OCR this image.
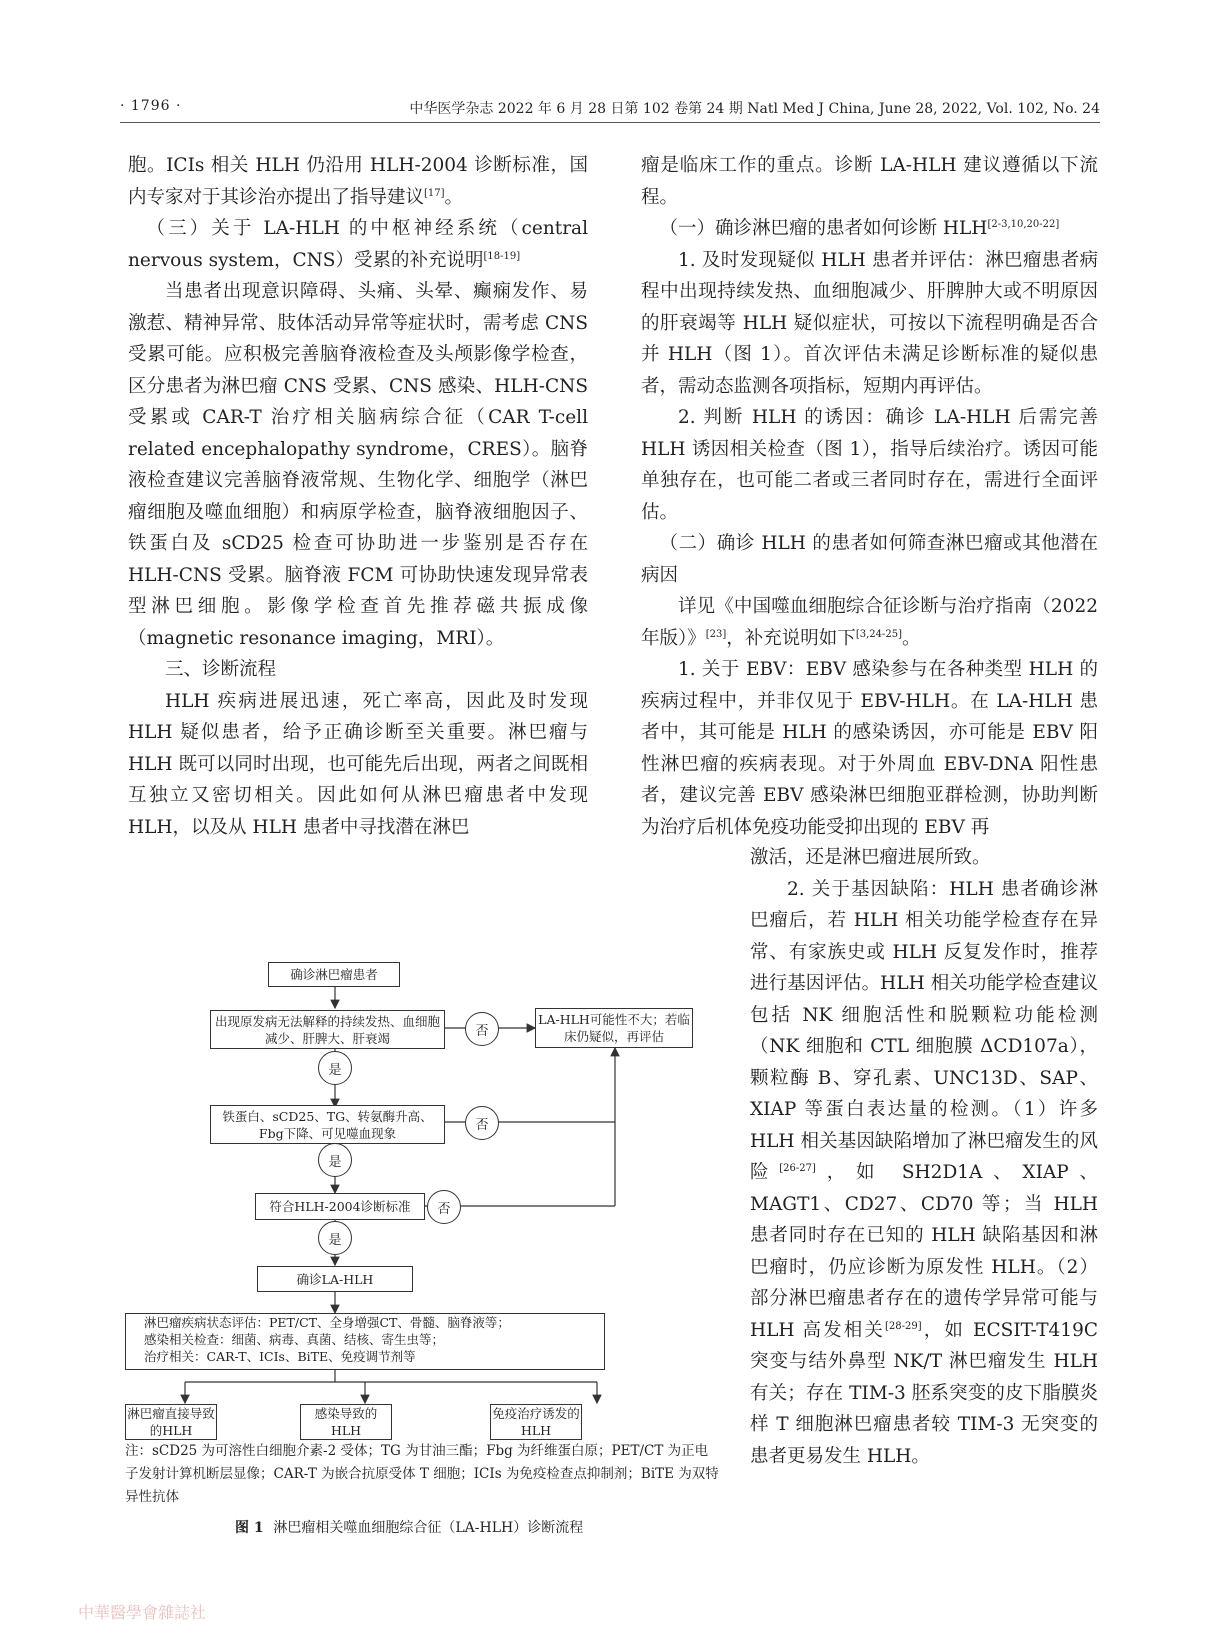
· 1796 ·	中华医学杂志 2022 年 6 月 28 日第 102 卷第 24 期 Natl Med J China, June 28, 2022, Vol. 102, No. 24

胞。ICIs 相关 HLH 仍沿用 HLH-2004 诊断标准，国内专家对于其诊治亦提出了指导建议[17]。

（三）关于 LA-HLH 的中枢神经系统（central nervous system，CNS）受累的补充说明[18-19]

当患者出现意识障碍、头痛、头晕、癫痫发作、易激惹、精神异常、肢体活动异常等症状时，需考虑 CNS 受累可能。应积极完善脑脊液检查及头颅影像学检查，区分患者为淋巴瘤 CNS 受累、CNS 感染、HLH-CNS 受累或 CAR-T 治疗相关脑病综合征（CAR T-cell related encephalopathy syndrome，CRES）。脑脊液检查建议完善脑脊液常规、生物化学、细胞学（淋巴瘤细胞及噬血细胞）和病原学检查，脑脊液细胞因子、铁蛋白及 sCD25 检查可协助进一步鉴别是否存在 HLH-CNS 受累。脑脊液 FCM 可协助快速发现异常表型淋巴细胞。影像学检查首先推荐磁共振成像（magnetic resonance imaging，MRI）。

三、诊断流程

HLH 疾病进展迅速，死亡率高，因此及时发现 HLH 疑似患者，给予正确诊断至关重要。淋巴瘤与 HLH 既可以同时出现，也可能先后出现，两者之间既相互独立又密切相关。因此如何从淋巴瘤患者中发现 HLH，以及从 HLH 患者中寻找潜在淋巴

瘤是临床工作的重点。诊断 LA-HLH 建议遵循以下流程。

（一）确诊淋巴瘤的患者如何诊断 HLH[2-3,10,20-22]

1. 及时发现疑似 HLH 患者并评估：淋巴瘤患者病程中出现持续发热、血细胞减少、肝脾肿大或不明原因的肝衰竭等 HLH 疑似症状，可按以下流程明确是否合并 HLH（图 1）。首次评估未满足诊断标准的疑似患者，需动态监测各项指标，短期内再评估。

2. 判断 HLH 的诱因：确诊 LA-HLH 后需完善 HLH 诱因相关检查（图 1），指导后续治疗。诱因可能单独存在，也可能二者或三者同时存在，需进行全面评估。

（二）确诊 HLH 的患者如何筛查淋巴瘤或其他潜在病因

详见《中国噬血细胞综合征诊断与治疗指南（2022 年版）》[23]，补充说明如下[3,24-25]。

1. 关于 EBV：EBV 感染参与在各种类型 HLH 的疾病过程中，并非仅见于 EBV-HLH。在 LA-HLH 患者中，其可能是 HLH 的感染诱因，亦可能是 EBV 阳性淋巴瘤的疾病表现。对于外周血 EBV-DNA 阳性患者，建议完善 EBV 感染淋巴细胞亚群检测，协助判断为治疗后机体免疫功能受抑出现的 EBV 再

激活，还是淋巴瘤进展所致。

2. 关于基因缺陷：HLH 患者确诊淋巴瘤后，若 HLH 相关功能学检查存在异常、有家族史或 HLH 反复发作时，推荐进行基因评估。HLH 相关功能学检查建议包括 NK 细胞活性和脱颗粒功能检测（NK 细胞和 CTL 细胞膜 ΔCD107a），颗粒酶 B、穿孔素、UNC13D、SAP、XIAP 等蛋白表达量的检测。（1）许多 HLH 相关基因缺陷增加了淋巴瘤发生的风险[26-27]，如 SH2D1A、XIAP、MAGT1、CD27、CD70 等；当 HLH 患者同时存在已知的 HLH 缺陷基因和淋巴瘤时，仍应诊断为原发性 HLH。（2）部分淋巴瘤患者存在的遗传学异常可能与 HLH 高发相关[28-29]，如 ECSIT-T419C 突变与结外鼻型 NK/T 淋巴瘤发生 HLH 有关；存在 TIM-3 胚系突变的皮下脂膜炎样 T 细胞淋巴瘤患者较 TIM-3 无突变的患者更易发生 HLH。

确诊淋巴瘤患者
出现原发病无法解释的持续发热、血细胞减少、肝脾大、肝衰竭	否
LA-HLH可能性不大；若临床仍疑似，再评估
是
铁蛋白、sCD25、TG、转氨酶升高、Fbg下降、可见噬血现象
否
是
符合HLH-2004诊断标准	否
是
确诊LA-HLH
淋巴瘤疾病状态评估：PET/CT、全身增强CT、骨髓、脑脊液等；
感染相关检查：细菌、病毒、真菌、结核、寄生虫等；
治疗相关：CAR-T、ICIs、BiTE、免疫调节剂等
淋巴瘤直接导致的HLH
感染导致的HLH
免疫治疗诱发的HLH
注：sCD25 为可溶性白细胞介素-2 受体；TG 为甘油三酯；Fbg 为纤维蛋白原；PET/CT 为正电子发射计算机断层显像；CAR-T 为嵌合抗原受体 T 细胞；ICIs 为免疫检查点抑制剂；BiTE 为双特异性抗体
图 1 淋巴瘤相关噬血细胞综合征（LA-HLH）诊断流程
中華醫學會雜誌社
